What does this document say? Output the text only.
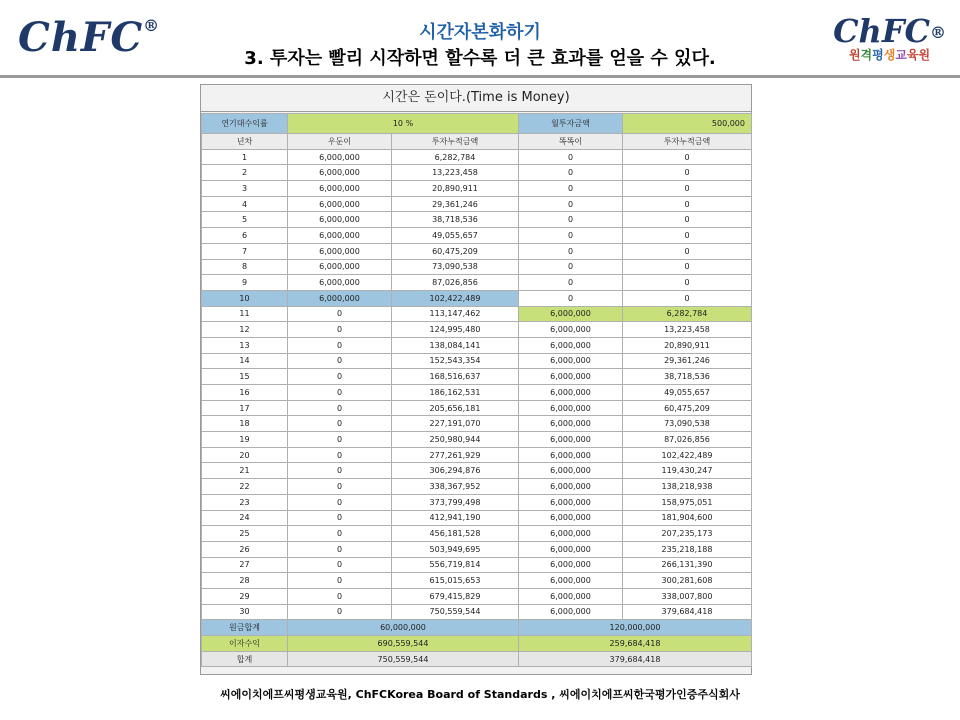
ChFC®	ChFC®
원격평생교육원
시간자본화하기
3. 투자는 빨리 시작하면 할수록 더 큰 효과를 얻을 수 있다.
시간은 돈이다.(Time is Money)
연기대수익률	10 %		월투자금액	500,000
년차	우둔이	투자누적금액	똑똑이	투자누적금액
1	6,000,000	6,282,784	0	0
2	6,000,000	13,223,458	0	0
3	6,000,000	20,890,911	0	0
4	6,000,000	29,361,246	0	0
5	6,000,000	38,718,536	0	0
6	6,000,000	49,055,657	0	0
7	6,000,000	60,475,209	0	0
8	6,000,000	73,090,538	0	0
9	6,000,000	87,026,856	0	0
10	6,000,000	102,422,489	0	0
11	0	113,147,462	6,000,000	6,282,784
12	0	124,995,480	6,000,000	13,223,458
13	0	138,084,141	6,000,000	20,890,911
14	0	152,543,354	6,000,000	29,361,246
15	0	168,516,637	6,000,000	38,718,536
16	0	186,162,531	6,000,000	49,055,657
17	0	205,656,181	6,000,000	60,475,209
18	0	227,191,070	6,000,000	73,090,538
19	0	250,980,944	6,000,000	87,026,856
20	0	277,261,929	6,000,000	102,422,489
21	0	306,294,876	6,000,000	119,430,247
22	0	338,367,952	6,000,000	138,218,938
23	0	373,799,498	6,000,000	158,975,051
24	0	412,941,190	6,000,000	181,904,600
25	0	456,181,528	6,000,000	207,235,173
26	0	503,949,695	6,000,000	235,218,188
27	0	556,719,814	6,000,000	266,131,390
28	0	615,015,653	6,000,000	300,281,608
29	0	679,415,829	6,000,000	338,007,800
30	0	750,559,544	6,000,000	379,684,418
원금합계	60,000,000		120,000,000	
이자수익	690,559,544		259,684,418	
합계	750,559,544		379,684,418	
씨에이치에프씨평생교육원, ChFCKorea Board of Standards , 씨에이치에프씨한국평가인증주식회사
